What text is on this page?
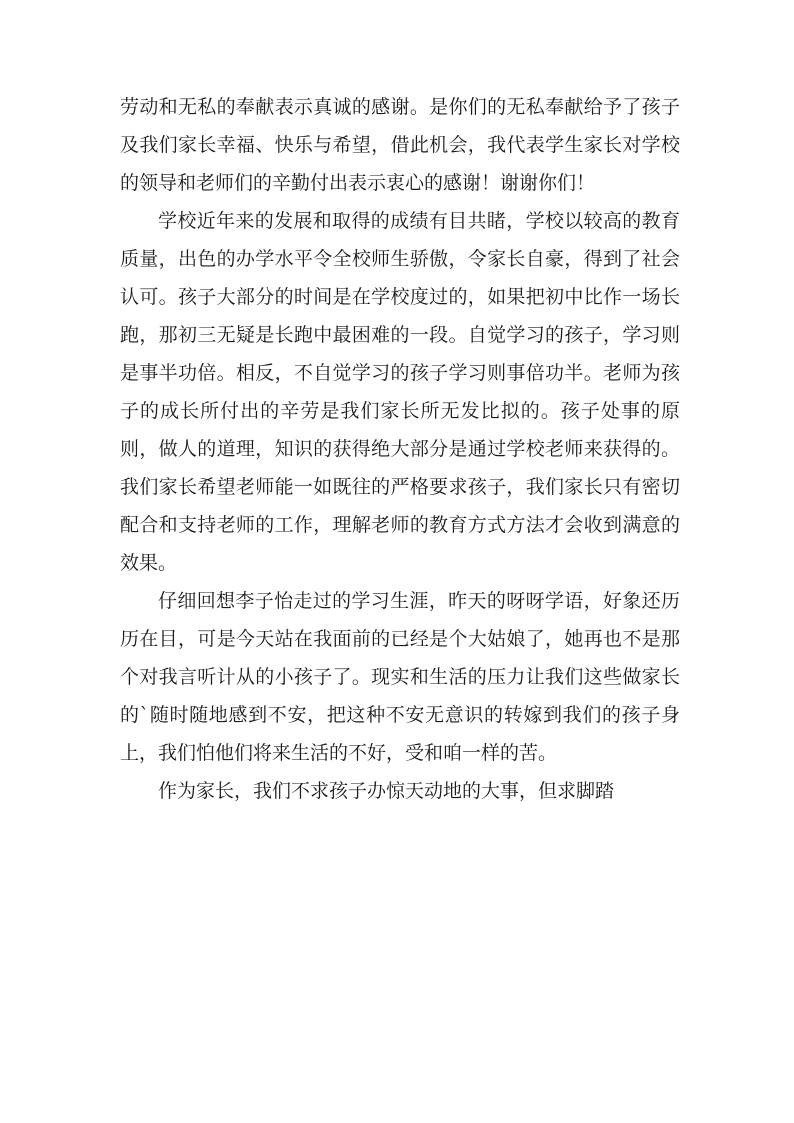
劳动和无私的奉献表示真诚的感谢。是你们的无私奉献给予了孩子及我们家长幸福、快乐与希望，借此机会，我代表学生家长对学校的领导和老师们的辛勤付出表示衷心的感谢！谢谢你们！

学校近年来的发展和取得的成绩有目共睹，学校以较高的教育质量，出色的办学水平令全校师生骄傲，令家长自豪，得到了社会认可。孩子大部分的时间是在学校度过的，如果把初中比作一场长跑，那初三无疑是长跑中最困难的一段。自觉学习的孩子，学习则是事半功倍。相反，不自觉学习的孩子学习则事倍功半。老师为孩子的成长所付出的辛劳是我们家长所无发比拟的。孩子处事的原则，做人的道理，知识的获得绝大部分是通过学校老师来获得的。我们家长希望老师能一如既往的严格要求孩子，我们家长只有密切配合和支持老师的工作，理解老师的教育方式方法才会收到满意的效果。

仔细回想李子怡走过的学习生涯，昨天的呀呀学语，好象还历历在目，可是今天站在我面前的已经是个大姑娘了，她再也不是那个对我言听计从的小孩子了。现实和生活的压力让我们这些做家长的`随时随地感到不安，把这种不安无意识的转嫁到我们的孩子身上，我们怕他们将来生活的不好，受和咱一样的苦。

作为家长，我们不求孩子办惊天动地的大事，但求脚踏
